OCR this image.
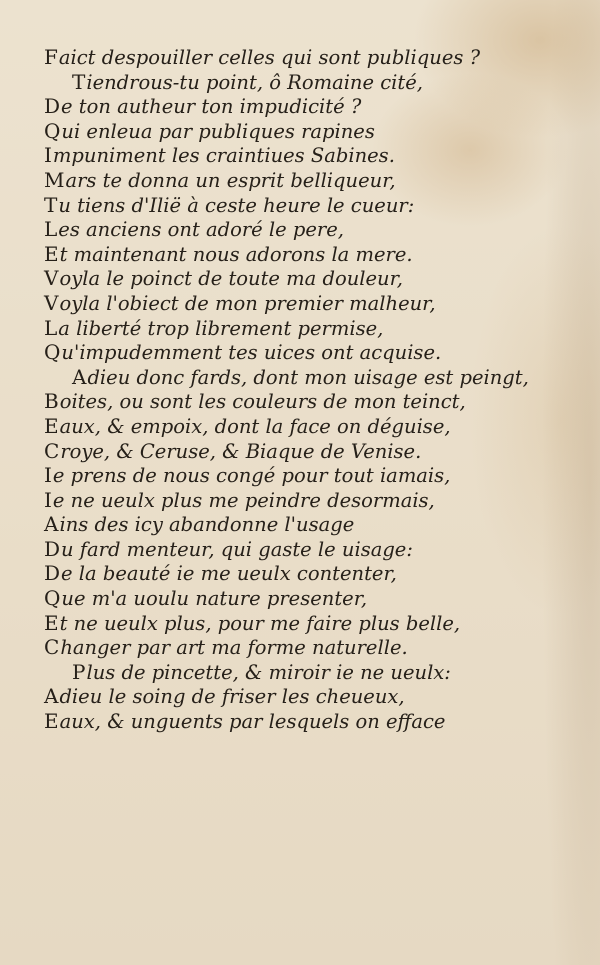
Faict despouiller celles qui sont publiques ?
Tiendrous-tu point, ô Romaine cité,
De ton autheur ton impudicité ?
Qui enleua par publiques rapines
Impuniment les craintiues Sabines.
Mars te donna un esprit belliqueur,
Tu tiens d'Ilië à ceste heure le cueur:
Les anciens ont adoré le pere,
Et maintenant nous adorons la mere.
Voyla le poinct de toute ma douleur,
Voyla l'obiect de mon premier malheur,
La liberté trop librement permise,
Qu'impudemment tes uices ont acquise.
Adieu donc fards, dont mon uisage est peingt,
Boites, ou sont les couleurs de mon teinct,
Eaux, & empoix, dont la face on déguise,
Croye, & Ceruse, & Biaque de Venise.
Ie prens de nous congé pour tout iamais,
Ie ne ueulx plus me peindre desormais,
Ains des icy abandonne l'usage
Du fard menteur, qui gaste le uisage:
De la beauté ie me ueulx contenter,
Que m'a uoulu nature presenter,
Et ne ueulx plus, pour me faire plus belle,
Changer par art ma forme naturelle.
Plus de pincette, & miroir ie ne ueulx:
Adieu le soing de friser les cheueux,
Eaux, & unguents par lesquels on efface
